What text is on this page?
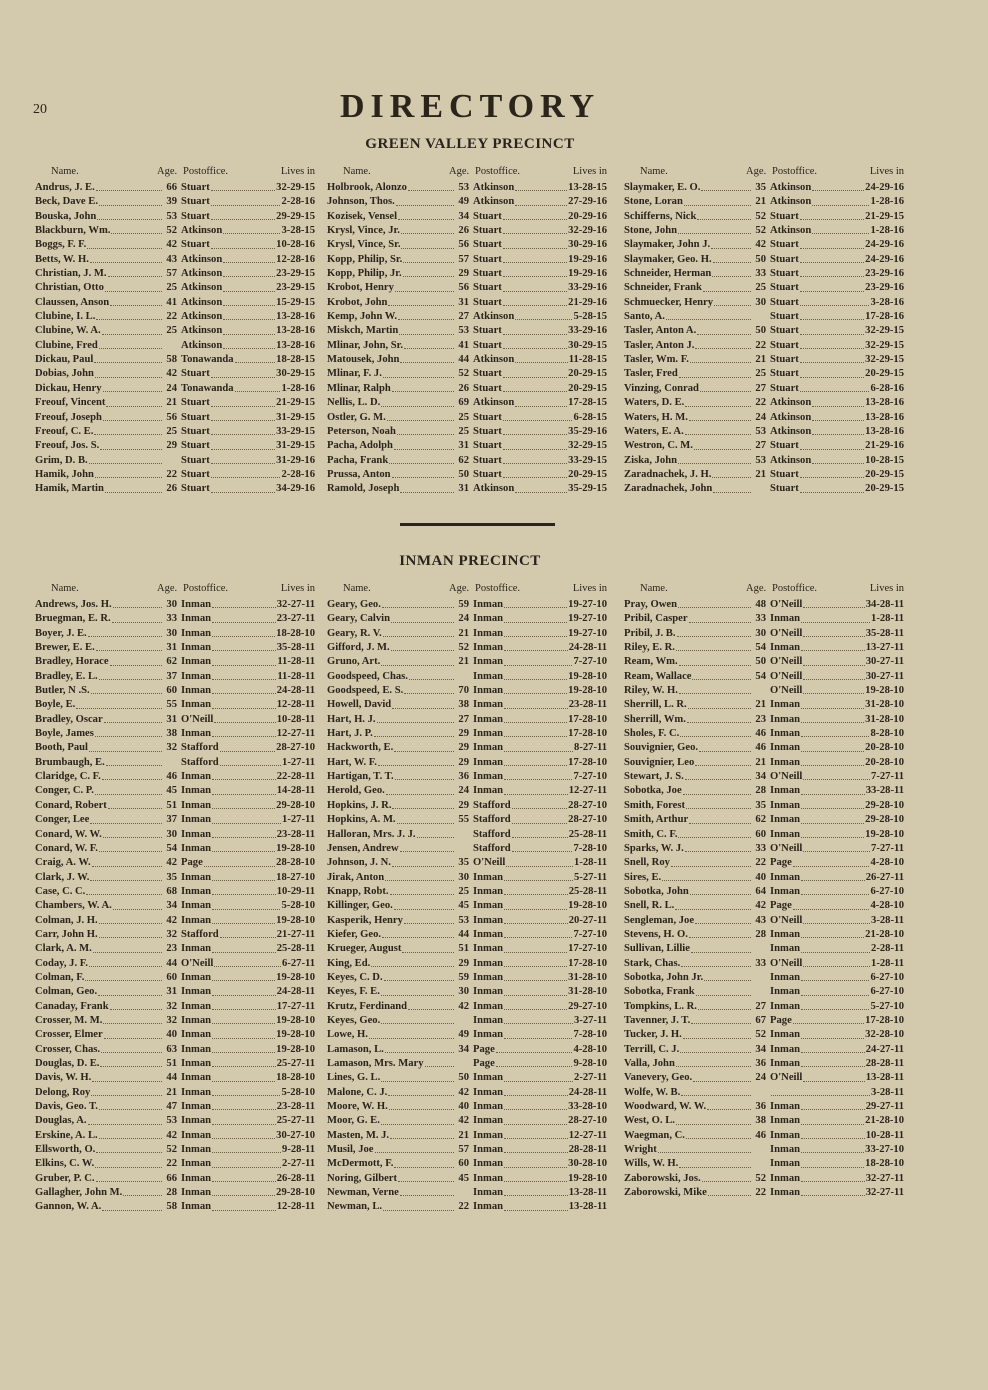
20	DIRECTORY
GREEN VALLEY PRECINCT
INMAN PRECINCT
Name.	Age. Postoffice.	Lives in
Andrus, J. E.	66 Stuart	32-29-15
Beck, Dave E.	39 Stuart	2-28-16
Bouska, John	53 Stuart	29-29-15
Blackburn, Wm.	52 Atkinson	3-28-15
Boggs, F. F.	42 Stuart	10-28-16
Betts, W. H.	43 Atkinson	12-28-16
Christian, J. M.	57 Atkinson	23-29-15
Christian, Otto	25 Atkinson	23-29-15
Claussen, Anson	41 Atkinson	15-29-15
Clubine, I. L.	22 Atkinson	13-28-16
Clubine, W. A.	25 Atkinson	13-28-16
Clubine, Fred	Atkinson	13-28-16
Dickau, Paul	58 Tonawanda	18-28-15
Dobias, John	42 Stuart	30-29-15
Dickau, Henry	24 Tonawanda	1-28-16
Freouf, Vincent	21 Stuart	21-29-15
Freouf, Joseph	56 Stuart	31-29-15
Freouf, C. E.	25 Stuart	33-29-15
Freouf, Jos. S.	29 Stuart	31-29-15
Grim, D. B.	Stuart	31-29-16
Hamik, John	22 Stuart	2-28-16
Hamik, Martin	26 Stuart	34-29-16
Name.	Age. Postoffice.	Lives in
Holbrook, Alonzo	53 Atkinson	13-28-15
Johnson, Thos.	49 Atkinson	27-29-16
Kozisek, Vensel	34 Stuart	20-29-16
Krysl, Vince, Jr.	26 Stuart	32-29-16
Krysl, Vince, Sr.	56 Stuart	30-29-16
Kopp, Philip, Sr.	57 Stuart	19-29-16
Kopp, Philip, Jr.	29 Stuart	19-29-16
Krobot, Henry	56 Stuart	33-29-16
Krobot, John	31 Stuart	21-29-16
Kemp, John W.	27 Atkinson	5-28-15
Miskch, Martin	53 Stuart	33-29-16
Mlinar, John, Sr.	41 Stuart	30-29-15
Matousek, John	44 Atkinson	11-28-15
Mlinar, F. J.	52 Stuart	20-29-15
Mlinar, Ralph	26 Stuart	20-29-15
Nellis, L. D.	69 Atkinson	17-28-15
Ostler, G. M.	25 Stuart	6-28-15
Peterson, Noah	25 Stuart	35-29-16
Pacha, Adolph	31 Stuart	32-29-15
Pacha, Frank	62 Stuart	33-29-15
Prussa, Anton	50 Stuart	20-29-15
Ramold, Joseph	31 Atkinson	35-29-15
Name.	Age. Postoffice.	Lives in
Slaymaker, E. O.	35 Atkinson	24-29-16
Stone, Loran	21 Atkinson	1-28-16
Schifferns, Nick	52 Stuart	21-29-15
Stone, John	52 Atkinson	1-28-16
Slaymaker, John J.	42 Stuart	24-29-16
Slaymaker, Geo. H.	50 Stuart	24-29-16
Schneider, Herman	33 Stuart	23-29-16
Schneider, Frank	25 Stuart	23-29-16
Schmuecker, Henry	30 Stuart	3-28-16
Santo, A.	Stuart	17-28-16
Tasler, Anton A.	50 Stuart	32-29-15
Tasler, Anton J.	22 Stuart	32-29-15
Tasler, Wm. F.	21 Stuart	32-29-15
Tasler, Fred	25 Stuart	20-29-15
Vinzing, Conrad	27 Stuart	6-28-16
Waters, D. E.	22 Atkinson	13-28-16
Waters, H. M.	24 Atkinson	13-28-16
Waters, E. A.	53 Atkinson	13-28-16
Westron, C. M.	27 Stuart	21-29-16
Ziska, John	53 Atkinson	10-28-15
Zaradnachek, J. H.	21 Stuart	20-29-15
Zaradnachek, John	Stuart	20-29-15
Name.	Age. Postoffice.	Lives in
Andrews, Jos. H.	30 Inman	32-27-11
Bruegman, E. R.	33 Inman	23-27-11
Boyer, J. E.	30 Inman	18-28-10
Brewer, E. E.	31 Inman	35-28-11
Bradley, Horace	62 Inman	11-28-11
Bradley, E. L.	37 Inman	11-28-11
Butler, N .S.	60 Inman	24-28-11
Boyle, E.	55 Inman	12-28-11
Bradley, Oscar	31 O'Neill	10-28-11
Boyle, James	38 Inman	12-27-11
Booth, Paul	32 Stafford	28-27-10
Brumbaugh, E.	Stafford	1-27-11
Claridge, C. F.	46 Inman	22-28-11
Conger, C. P.	45 Inman	14-28-11
Conard, Robert	51 Inman	29-28-10
Conger, Lee	37 Inman	1-27-11
Conard, W. W.	30 Inman	23-28-11
Conard, W. F.	54 Inman	19-28-10
Craig, A. W.	42 Page	28-28-10
Clark, J. W.	35 Inman	18-27-10
Case, C. C.	68 Inman	10-29-11
Chambers, W. A.	34 Inman	5-28-10
Colman, J. H.	42 Inman	19-28-10
Carr, John H.	32 Stafford	21-27-11
Clark, A. M.	23 Inman	25-28-11
Coday, J. F.	44 O'Neill	6-27-11
Colman, F.	60 Inman	19-28-10
Colman, Geo.	31 Inman	24-28-11
Canaday, Frank	32 Inman	17-27-11
Crosser, M. M.	32 Inman	19-28-10
Crosser, Elmer	40 Inman	19-28-10
Crosser, Chas.	63 Inman	19-28-10
Douglas, D. E.	51 Inman	25-27-11
Davis, W. H.	44 Inman	18-28-10
Delong, Roy	21 Inman	5-28-10
Davis, Geo. T.	47 Inman	23-28-11
Douglas, A.	53 Inman	25-27-11
Erskine, A. L.	42 Inman	30-27-10
Ellsworth, O.	52 Inman	9-28-11
Elkins, C. W.	22 Inman	2-27-11
Gruber, P. C.	66 Inman	26-28-11
Gallagher, John M.	28 Inman	29-28-10
Gannon, W. A.	58 Inman	12-28-11
Name.	Age. Postoffice.	Lives in
Geary, Geo.	59 Inman	19-27-10
Geary, Calvin	24 Inman	19-27-10
Geary, R. V.	21 Inman	19-27-10
Gifford, J. M.	52 Inman	24-28-11
Gruno, Art.	21 Inman	7-27-10
Goodspeed, Chas.	Inman	19-28-10
Goodspeed, E. S.	70 Inman	19-28-10
Howell, David	38 Inman	23-28-11
Hart, H. J.	27 Inman	17-28-10
Hart, J. P.	29 Inman	17-28-10
Hackworth, E.	29 Inman	8-27-11
Hart, W. F.	29 Inman	17-28-10
Hartigan, T. T.	36 Inman	7-27-10
Herold, Geo.	24 Inman	12-27-11
Hopkins, J. R.	29 Stafford	28-27-10
Hopkins, A. M.	55 Stafford	28-27-10
Halloran, Mrs. J. J.	Stafford	25-28-11
Jensen, Andrew	Stafford	7-28-10
Johnson, J. N.	35 O'Neill	1-28-11
Jirak, Anton	30 Inman	5-27-11
Knapp, Robt.	25 Inman	25-28-11
Killinger, Geo.	45 Inman	19-28-10
Kasperik, Henry	53 Inman	20-27-11
Kiefer, Geo.	44 Inman	7-27-10
Krueger, August	51 Inman	17-27-10
King, Ed.	29 Inman	17-28-10
Keyes, C. D.	59 Inman	31-28-10
Keyes, F. E.	30 Inman	31-28-10
Krutz, Ferdinand	42 Inman	29-27-10
Keyes, Geo.	Inman	3-27-11
Lowe, H.	49 Inman	7-28-10
Lamason, L.	34 Page	4-28-10
Lamason, Mrs. Mary	Page	9-28-10
Lines, G. L.	50 Inman	2-27-11
Malone, C. J.	42 Inman	24-28-11
Moore, W. H.	40 Inman	33-28-10
Moor, G. E.	42 Inman	28-27-10
Masten, M. J.	21 Inman	12-27-11
Musil, Joe	57 Inman	28-28-11
McDermott, F.	60 Inman	30-28-10
Noring, Gilbert	45 Inman	19-28-10
Newman, Verne	Inman	13-28-11
Newman, L.	22 Inman	13-28-11
Name.	Age. Postoffice.	Lives in
Pray, Owen	48 O'Neill	34-28-11
Pribil, Casper	33 Inman	1-28-11
Pribil, J. B.	30 O'Neill	35-28-11
Riley, E. R.	54 Inman	13-27-11
Ream, Wm.	50 O'Neill	30-27-11
Ream, Wallace	54 O'Neill	30-27-11
Riley, W. H.	O'Neill	19-28-10
Sherrill, L. R.	21 Inman	31-28-10
Sherrill, Wm.	23 Inman	31-28-10
Sholes, F. C.	46 Inman	8-28-10
Souvignier, Geo.	46 Inman	20-28-10
Souvignier, Leo	21 Inman	20-28-10
Stewart, J. S.	34 O'Neill	7-27-11
Sobotka, Joe	28 Inman	33-28-11
Smith, Forest	35 Inman	29-28-10
Smith, Arthur	62 Inman	29-28-10
Smith, C. F.	60 Inman	19-28-10
Sparks, W. J.	33 O'Neill	7-27-11
Snell, Roy	22 Page	4-28-10
Sires, E.	40 Inman	26-27-11
Sobotka, John	64 Inman	6-27-10
Snell, R. L.	42 Page	4-28-10
Sengleman, Joe	43 O'Neill	3-28-11
Stevens, H. O.	28 Inman	21-28-10
Sullivan, Lillie	Inman	2-28-11
Stark, Chas.	33 O'Neill	1-28-11
Sobotka, John Jr.	Inman	6-27-10
Sobotka, Frank	Inman	6-27-10
Tompkins, L. R.	27 Inman	5-27-10
Tavenner, J. T.	67 Page	17-28-10
Tucker, J. H.	52 Inman	32-28-10
Terrill, C. J.	34 Inman	24-27-11
Valla, John	36 Inman	28-28-11
Vanevery, Geo.	24 O'Neill	13-28-11
Wolfe, W. B.	3-28-11
Woodward, W. W.	36 Inman	29-27-11
West, O. L.	38 Inman	21-28-10
Waegman, C.	46 Inman	10-28-11
Wright	Inman	33-27-10
Wills, W. H.	Inman	18-28-10
Zaborowski, Jos.	52 Inman	32-27-11
Zaborowski, Mike	22 Inman	32-27-11
